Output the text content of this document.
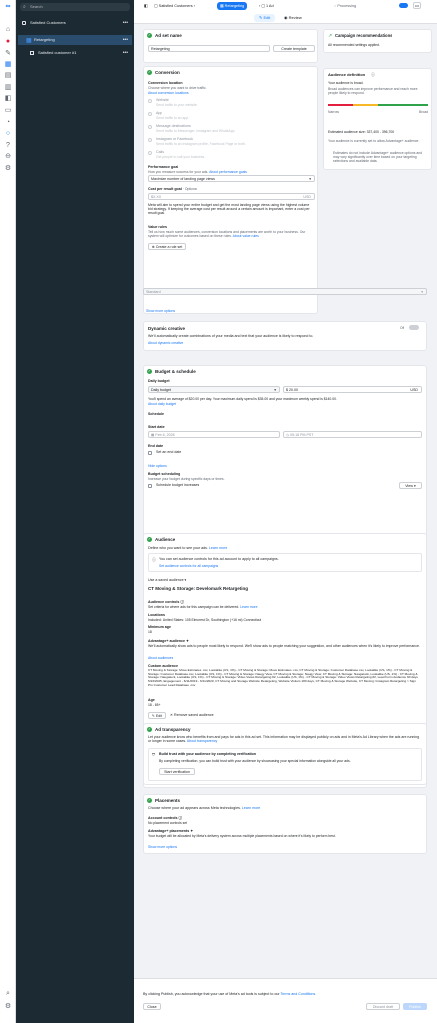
∞
⌂
●
✎
▦
▤
▥
◧
▭
◔
○
?
⊖
⚙
⌕
⚙
⌕ Search
Satisfied Customers	•••
▦ Retargeting	•••
Satisfied customer #1	•••
◧ ▢ Satisfied Customers ›	▦ Retargeting	› ▢ 1 Ad	◌ Processing	•••
✎ Edit	◉ Review
✓ Ad set name
Retargeting	Create template
✓ Conversion
Conversion location
Choose where you want to drive traffic.
About conversion locations
Website
Send traffic to your website.
App
Send traffic to an app.
Message destinations
Send traffic to Messenger, Instagram and WhatsApp.
Instagram or Facebook
Send traffic to an Instagram profile, Facebook Page or both.
Calls
Get people to call your business.
Performance goal
How you measure success for your ads. About performance goals
Maximize number of landing page views	▾
Cost per result goal · Optional
$X.XX	USD
Meta will aim to spend your entire budget and get the most landing page views using the highest volume bid strategy. If keeping the average cost per result around a certain amount is important, enter a cost per result goal.
Value rules
Tell us how much some audiences, conversion locations and placements are worth to your business. Our system will optimize for outcomes based on these rules. About value rules
⊕ Create a rule set
Standard	▾
Show more options
↗ Campaign recommendations
All recommended settings applied.
Audience definition ⓘ
Your audience is broad.
Broad audiences can improve performance and reach more people likely to respond.
Narrow	Broad
Estimated audience size: 337,400 - 396,700
Your audience is currently set to allow Advantage+ audience.
Estimates do not include Advantage+ audience options and may vary significantly over time based on your targeting selections and available data.
Dynamic creative	Off
We'll automatically create combinations of your media and text that your audience is likely to respond to.
About dynamic creative
✓ Budget & schedule
Daily budget
Daily budget	▾	$ 20.00	USD
You'll spend an average of $20.00 per day. Your maximum daily spend is $35.00 and your maximum weekly spend is $140.00.
About daily budget
Schedule
Start date
▦ Feb 6, 2026	◷ 05:18 PM PST
End date
Set an end date
Hide options
Budget scheduling
Increase your budget during specific days or times.
Schedule budget increases	View ▾
✓ Audience
Define who you want to see your ads. Learn more
ⓘ You can set audience controls for this ad account to apply to all campaigns.
Set audience controls for all campaigns
Use a saved audience ▾
CT Moving & Storage: Develomark Retargeting
Audience controls ⓘ
Set criteria for where ads for this campaign can be delivered. Learn more
Locations
Included: United States: 105 Elmcrest Dr, Southington (+16 mi) Connecticut
Minimum age
18
Advantage+ audience ✦
We'll automatically show ads to people most likely to respond. We'll show ads to people matching your suggestion, and other audiences when it's likely to improve performance.
About audiences
Custom audience
CT Moving & Storage: Move Estimates .csv, Lookalike (US, 1%) - CT Moving & Storage: Move Estimates .csv, CT Moving & Storage: Customer Database.csv, Lookalike (US, 1%) - CT Moving & Storage: Customer Database.csv, Lookalike (US, 1%) - CT Moving & Storage: Naugy View, CT Moving & Storage: Naugy View, CT Moving & Storage: Naugatuck, Lookalike (US, 1%) - CT Moving & Storage: Naugatuck, Lookalike (US, 1%) - CT Moving & Storage: Video Views Retargeting #2, Lookalike (US, 1%) - CT Moving & Storage: Video Views Retargeting #2, Lead Form Audience 90 days 5/23/2025, Engagement - 6/11/2019 - 6/11/2020, CT Moving and Storage Website Retargeting, Website Visitors 180 days, CT Moving & Storage Website, CT Moving: Instagram Retargeting > Sign Pro Customer Lead Database .csv
Age
18 - 65+
✎ Edit	✕ Remove saved audience
✓ Ad transparency
Let your audience know who benefits from and pays for ads in this ad set. This information may be displayed publicly on ads and in Meta's Ad Library when the ads are running or longer in some cases. About transparency
⛉ Build trust with your audience by completing verification
By completing verification, you can build trust with your audience by showcasing your special information alongside all your ads.
Start verification
✓ Placements
Choose where your ad appears across Meta technologies. Learn more
Account controls ⓘ
No placement controls set
Advantage+ placements ✦
Your budget will be allocated by Meta's delivery system across multiple placements based on where it's likely to perform best.
Show more options
By clicking Publish, you acknowledge that your use of Meta's ad tools is subject to our Terms and Conditions.
Close	Discard draft	Publish
